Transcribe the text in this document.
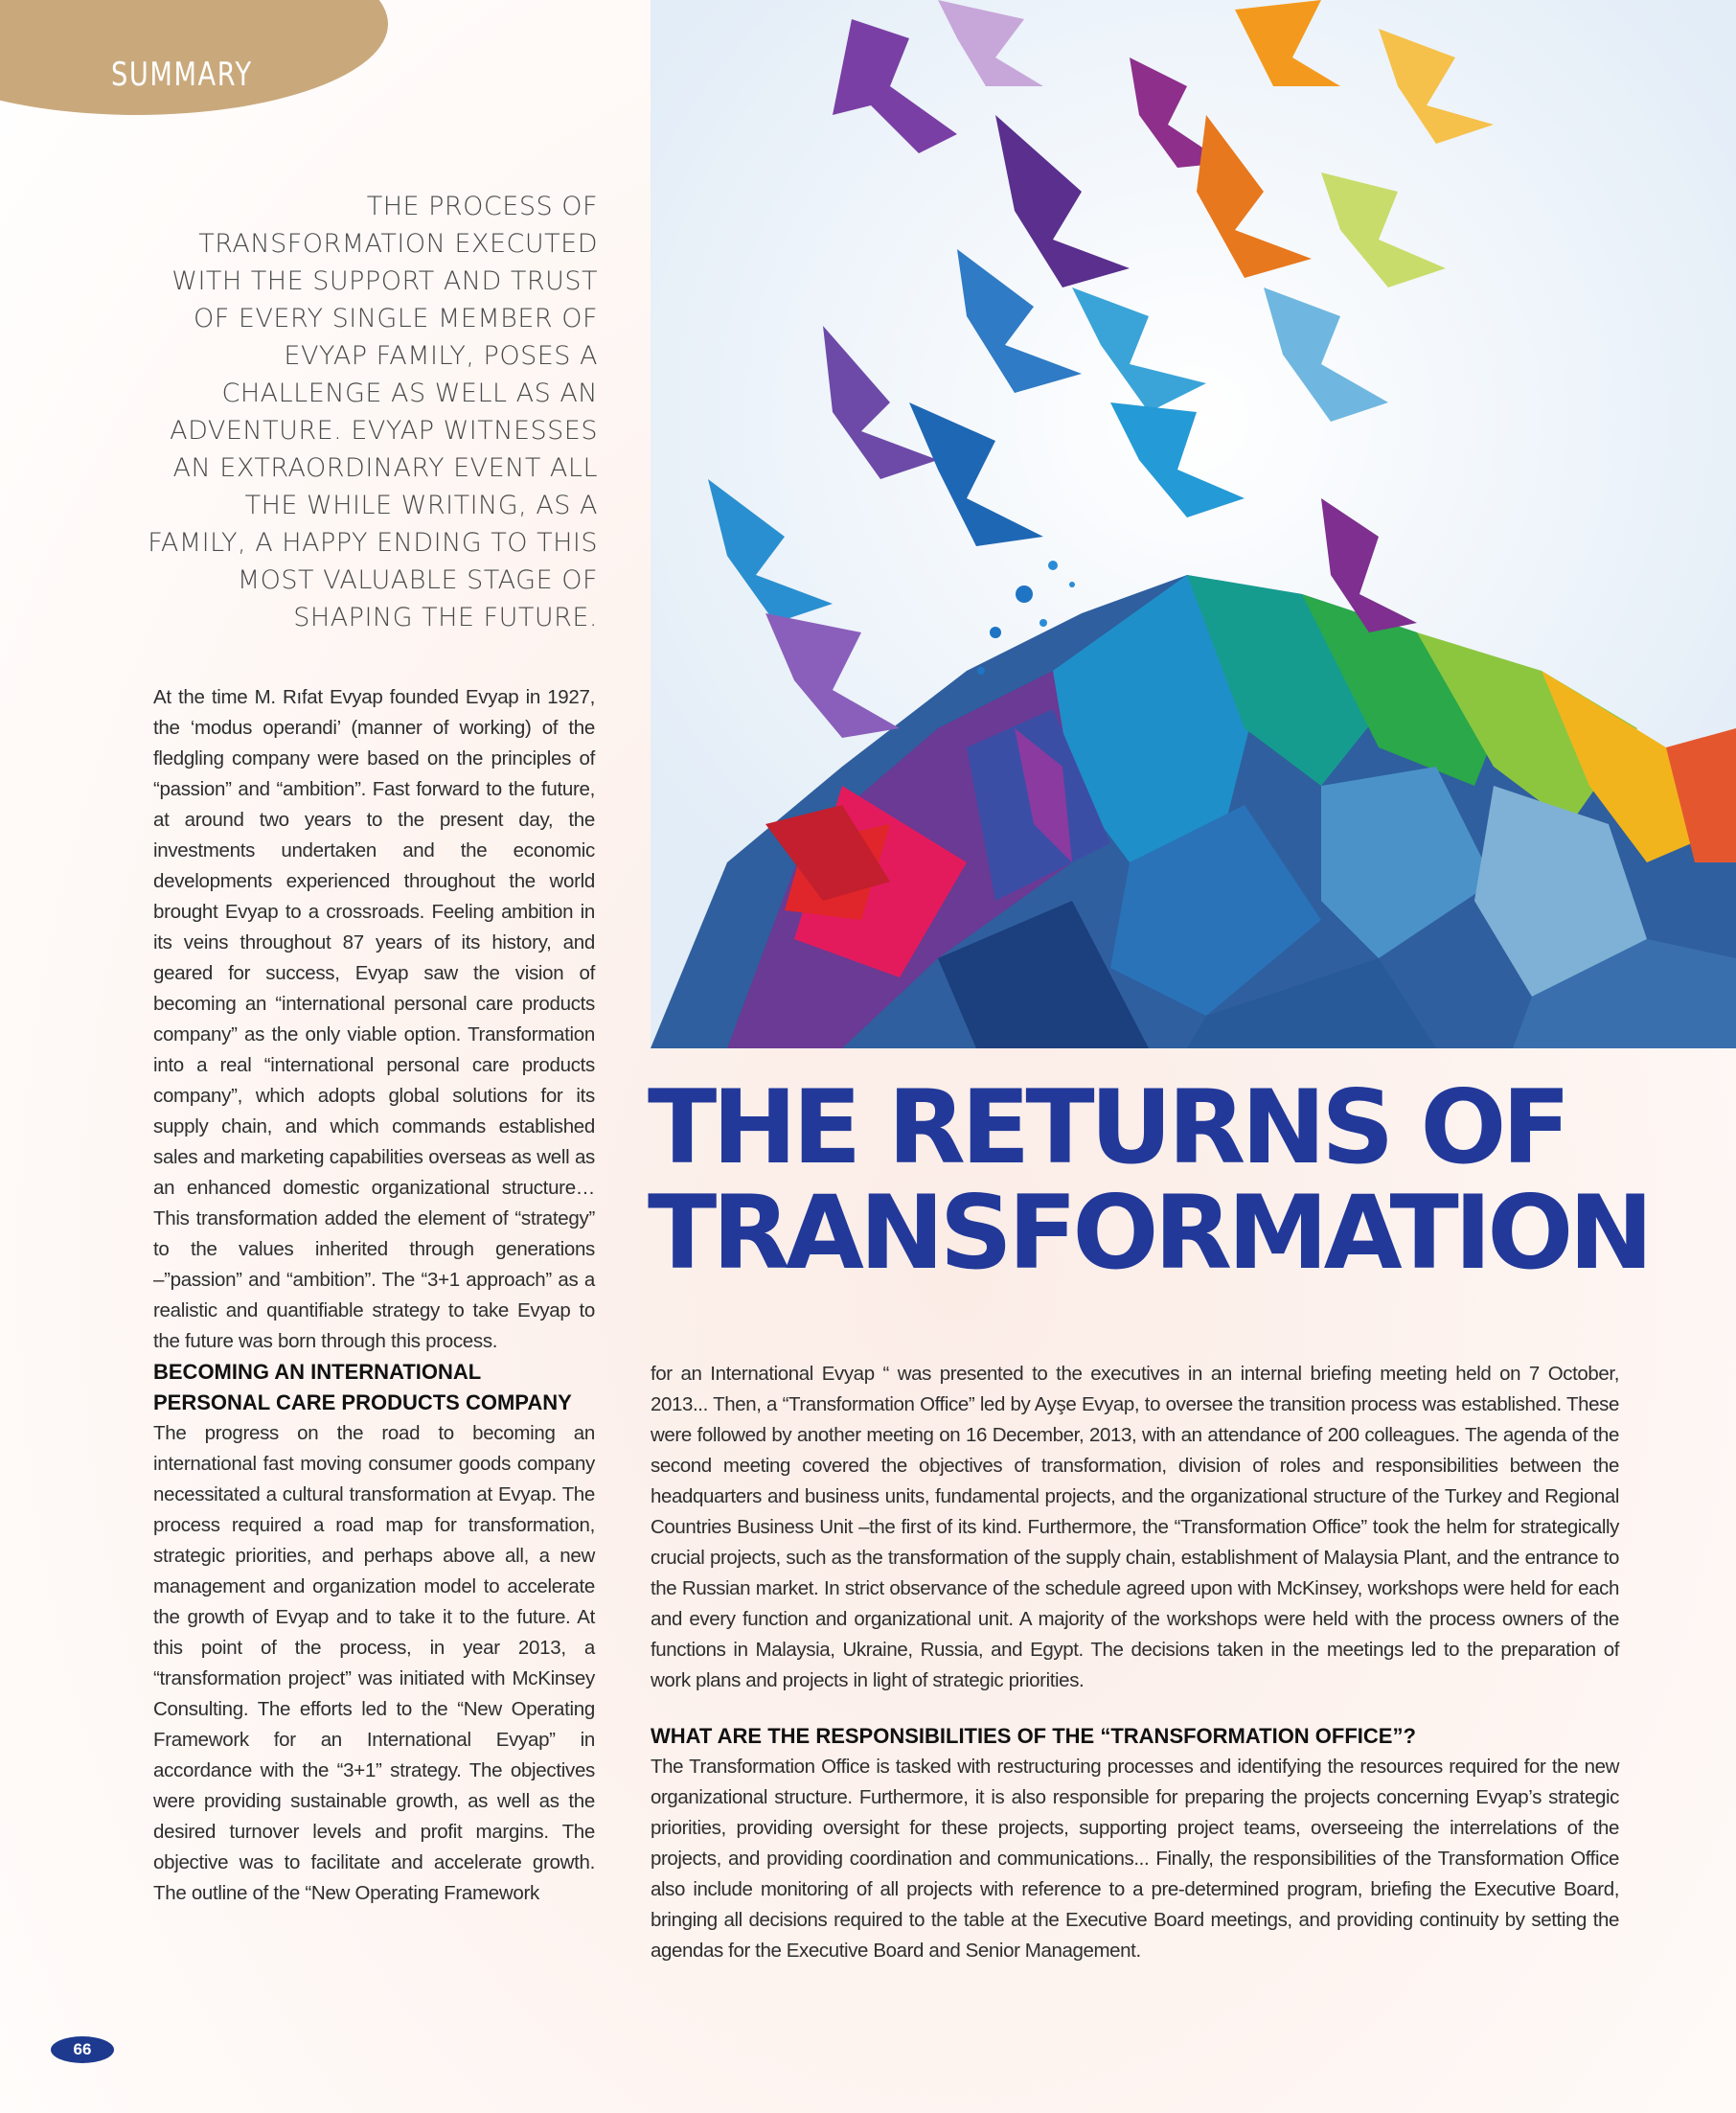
SUMMARY
THE PROCESS OF TRANSFORMATION EXECUTED WITH THE SUPPORT AND TRUST OF EVERY SINGLE MEMBER OF EVYAP FAMILY, POSES A CHALLENGE AS WELL AS AN ADVENTURE. EVYAP WITNESSES AN EXTRAORDINARY EVENT ALL THE WHILE WRITING, AS A FAMILY, A HAPPY ENDING TO THIS MOST VALUABLE STAGE OF SHAPING THE FUTURE.

At the time M. Rıfat Evyap founded Evyap in 1927, the ‘modus operandi’ (manner of working) of the fledgling company were based on the principles of “passion” and “ambition”. Fast forward to the future, at around two years to the present day, the investments undertaken and the economic developments experienced throughout the world brought Evyap to a crossroads. Feeling ambition in its veins throughout 87 years of its history, and geared for success, Evyap saw the vision of becoming an “international personal care products company” as the only viable option. Transformation into a real “international personal care products company”, which adopts global solutions for its supply chain, and which commands established sales and marketing capabilities overseas as well as an enhanced domestic organizational structure… This transformation added the element of “strategy” to the values inherited through generations –”passion” and “ambition”. The “3+1 approach” as a realistic and quantifiable strategy to take Evyap to the future was born through this process.

BECOMING AN INTERNATIONAL PERSONAL CARE PRODUCTS COMPANY

The progress on the road to becoming an international fast moving consumer goods company necessitated a cultural transformation at Evyap. The process required a road map for transformation, strategic priorities, and perhaps above all, a new management and organization model to accelerate the growth of Evyap and to take it to the future. At this point of the process, in year 2013, a “transformation project” was initiated with McKinsey Consulting. The efforts led to the “New Operating Framework for an International Evyap” in accordance with the “3+1” strategy. The objectives were providing sustainable growth, as well as the desired turnover levels and profit margins. The objective was to facilitate and accelerate growth. The outline of the “New Operating Framework

THE RETURNS OF
TRANSFORMATION

for an International Evyap “ was presented to the executives in an internal briefing meeting held on 7 October, 2013... Then, a “Transformation Office” led by Ayşe Evyap, to oversee the transition process was established. These were followed by another meeting on 16 December, 2013, with an attendance of 200 colleagues. The agenda of the second meeting covered the objectives of transformation, division of roles and responsibilities between the headquarters and business units, fundamental projects, and the organizational structure of the Turkey and Regional Countries Business Unit –the first of its kind. Furthermore, the “Transformation Office” took the helm for strategically crucial projects, such as the transformation of the supply chain, establishment of Malaysia Plant, and the entrance to the Russian market. In strict observance of the schedule agreed upon with McKinsey, workshops were held for each and every function and organizational unit. A majority of the workshops were held with the process owners of the functions in Malaysia, Ukraine, Russia, and Egypt. The decisions taken in the meetings led to the preparation of work plans and projects in light of strategic priorities.

WHAT ARE THE RESPONSIBILITIES OF THE “TRANSFORMATION OFFICE”?

The Transformation Office is tasked with restructuring processes and identifying the resources required for the new organizational structure. Furthermore, it is also responsible for preparing the projects concerning Evyap’s strategic priorities, providing oversight for these projects, supporting project teams, overseeing the interrelations of the projects, and providing coordination and communications... Finally, the responsibilities of the Transformation Office also include monitoring of all projects with reference to a pre-determined program, briefing the Executive Board, bringing all decisions required to the table at the Executive Board meetings, and providing continuity by setting the agendas for the Executive Board and Senior Management.

66
